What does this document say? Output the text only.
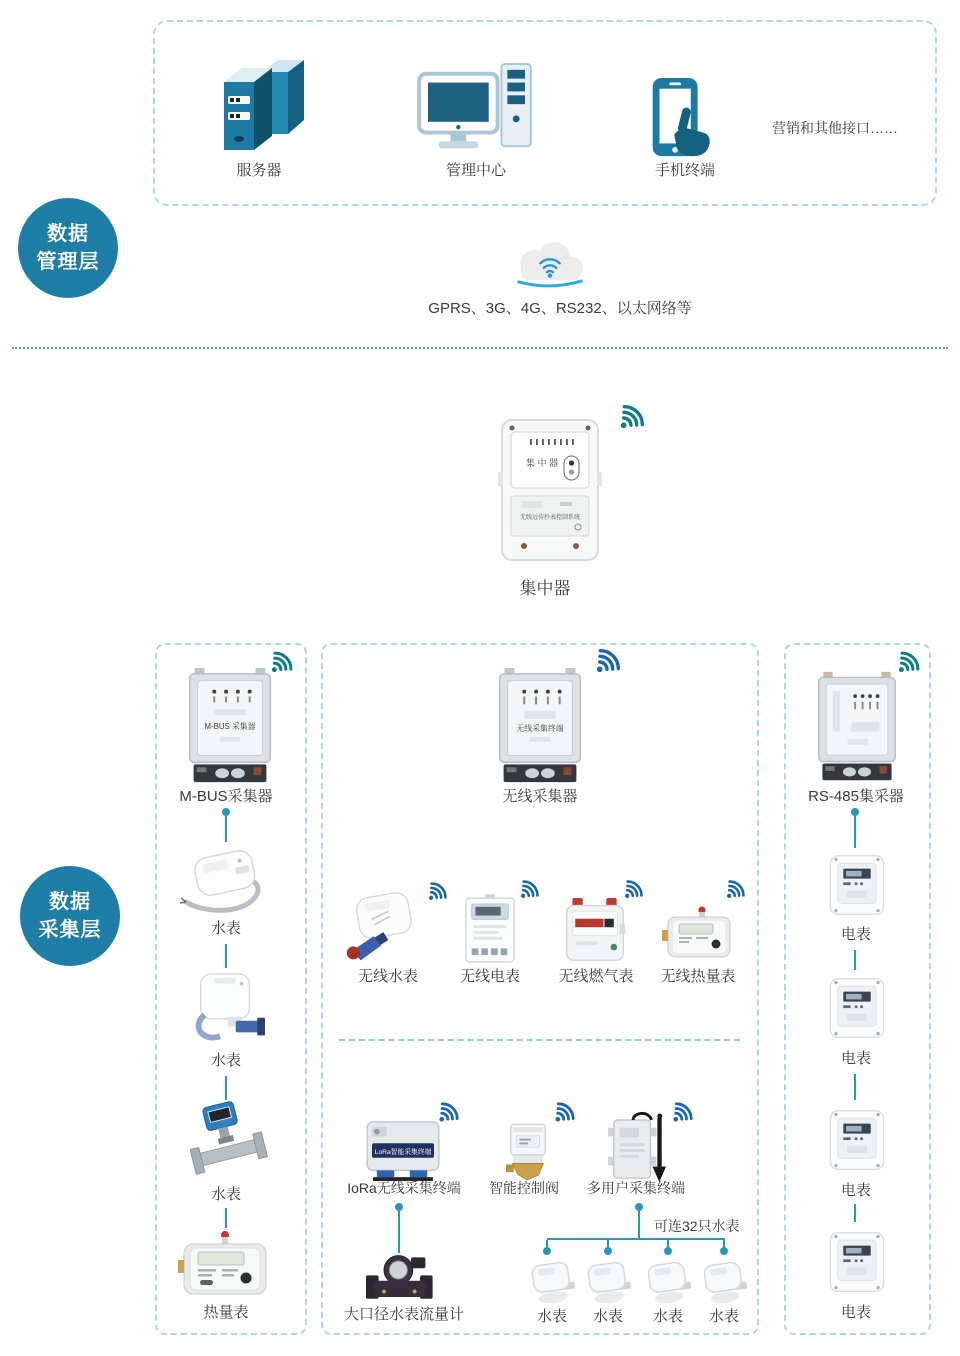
服务器	管理中心	手机终端
营销和其他接口……
数据
管理层
GPRS、3G、4G、RS232、以太网络等
集 中 器
无线远传抄表控制系统
集中器
数据
采集层
M-BUS 采集器
M-BUS采集器
水表
水表
水表
热量表
无线采集终端
无线采集器
无线水表	无线电表	无线燃气表	无线热量表
LoRa智能采集终端
IoRa无线采集终端	智能控制阀	多用户采集终端
大口径水表流量计
可连32只水表
水表	水表	水表	水表
RS-485集采器
电表
电表
电表
电表
